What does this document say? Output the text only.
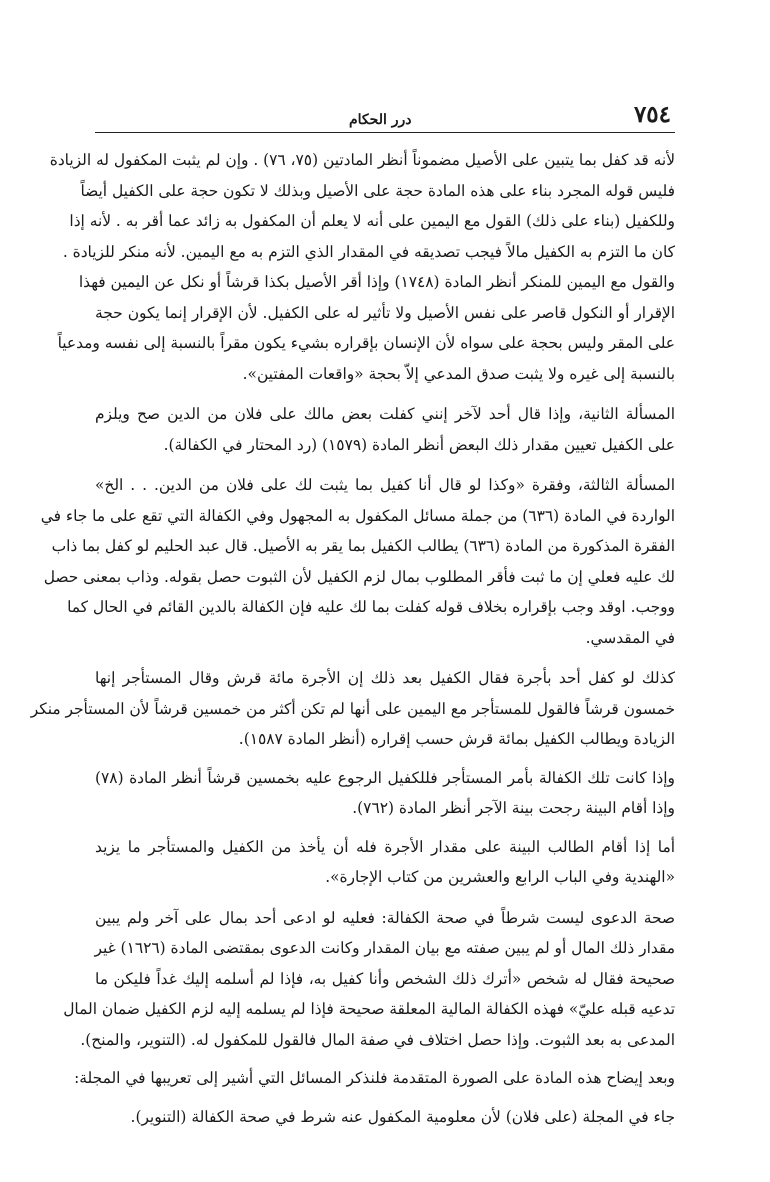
٧٥٤
درر الحكام

لأنه قد كفل بما يتبين على الأصيل مضموناً أنظر المادتين (٧٥، ٧٦) . وإن لم يثبت المكفول له الزيادة
فليس قوله المجرد بناء على هذه المادة حجة على الأصيل وبذلك لا تكون حجة على الكفيل أيضاً
وللكفيل (بناء على ذلك) القول مع اليمين على أنه لا يعلم أن المكفول به زائد عما أقر به . لأنه إذا
كان ما التزم به الكفيل مالاً فيجب تصديقه في المقدار الذي التزم به مع اليمين. لأنه منكر للزيادة .
والقول مع اليمين للمنكر أنظر المادة (١٧٤٨) وإذا أقر الأصيل بكذا قرشاً أو نكل عن اليمين فهذا
الإقرار أو النكول قاصر على نفس الأصيل ولا تأثير له على الكفيل. لأن الإقرار إنما يكون حجة
على المقر وليس بحجة على سواه لأن الإنسان بإقراره بشيء يكون مقراً بالنسبة إلى نفسه ومدعياً
بالنسبة إلى غيره ولا يثبت صدق المدعي إلاّ بحجة «واقعات المفتين».

المسألة الثانية، وإذا قال أحد لآخر إنني كفلت بعض مالك على فلان من الدين صح ويلزم
على الكفيل تعيين مقدار ذلك البعض أنظر المادة (١٥٧٩) (رد المحتار في الكفالة).

المسألة الثالثة، وفقرة «وكذا لو قال أنا كفيل بما يثبت لك على فلان من الدين. . . الخ»
الواردة في المادة (٦٣٦) من جملة مسائل المكفول به المجهول وفي الكفالة التي تقع على ما جاء في
الفقرة المذكورة من المادة (٦٣٦) يطالب الكفيل بما يقر به الأصيل. قال عبد الحليم لو كفل بما ذاب
لك عليه فعلي إن ما ثبت فأقر المطلوب بمال لزم الكفيل لأن الثبوت حصل بقوله. وذاب بمعنى حصل
ووجب. اوقد وجب بإقراره بخلاف قوله كفلت بما لك عليه فإن الكفالة بالدين القائم في الحال كما
في المقدسي.

كذلك لو كفل أحد بأجرة فقال الكفيل بعد ذلك إن الأجرة مائة قرش وقال المستأجر إنها
خمسون قرشاً فالقول للمستأجر مع اليمين على أنها لم تكن أكثر من خمسين قرشاً لأن المستأجر منكر
الزيادة ويطالب الكفيل بمائة قرش حسب إقراره (أنظر المادة ١٥٨٧).

وإذا كانت تلك الكفالة بأمر المستأجر فللكفيل الرجوع عليه بخمسين قرشاً أنظر المادة (٧٨)
وإذا أقام البينة رجحت بينة الآجر أنظر المادة (٧٦٢).

أما إذا أقام الطالب البينة على مقدار الأجرة فله أن يأخذ من الكفيل والمستأجر ما يزيد
«الهندية وفي الباب الرابع والعشرين من كتاب الإجارة».

صحة الدعوى ليست شرطاً في صحة الكفالة: فعليه لو ادعى أحد بمال على آخر ولم يبين
مقدار ذلك المال أو لم يبين صفته مع بيان المقدار وكانت الدعوى بمقتضى المادة (١٦٢٦) غير
صحيحة فقال له شخص «أترك ذلك الشخص وأنا كفيل به، فإذا لم أسلمه إليك غداً فليكن ما
تدعيه قبله عليّ» فهذه الكفالة المالية المعلقة صحيحة فإذا لم يسلمه إليه لزم الكفيل ضمان المال
المدعى به بعد الثبوت. وإذا حصل اختلاف في صفة المال فالقول للمكفول له. (التنوير، والمنح).

وبعد إيضاح هذه المادة على الصورة المتقدمة فلنذكر المسائل التي أشير إلى تعريبها في المجلة:

جاء في المجلة (على فلان) لأن معلومية المكفول عنه شرط في صحة الكفالة (التنوير).
